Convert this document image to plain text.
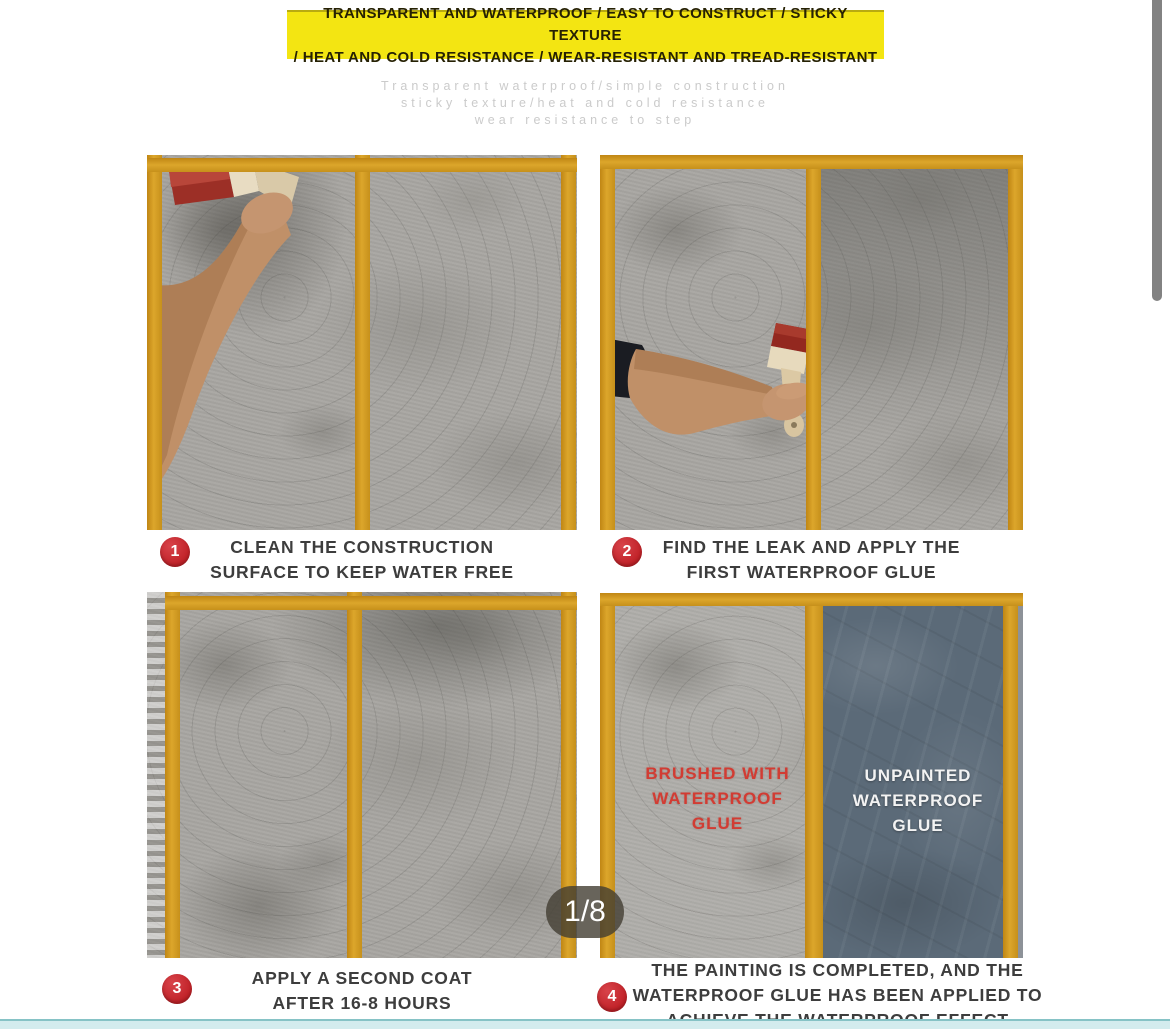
TRANSPARENT AND WATERPROOF / EASY TO CONSTRUCT / STICKY TEXTURE
/ HEAT AND COLD RESISTANCE / WEAR-RESISTANT AND TREAD-RESISTANT
Transparent waterproof/simple construction
sticky texture/heat and cold resistance
wear resistance to step
1	CLEAN THE CONSTRUCTION
SURFACE TO KEEP WATER FREE
2	FIND THE LEAK AND APPLY THE
FIRST WATERPROOF GLUE
BRUSHED WITH
WATERPROOF
GLUE
UNPAINTED
WATERPROOF
GLUE
3
APPLY A SECOND COAT
AFTER 16-8 HOURS	4
THE PAINTING IS COMPLETED, AND THE
WATERPROOF GLUE HAS BEEN APPLIED TO
1/8
